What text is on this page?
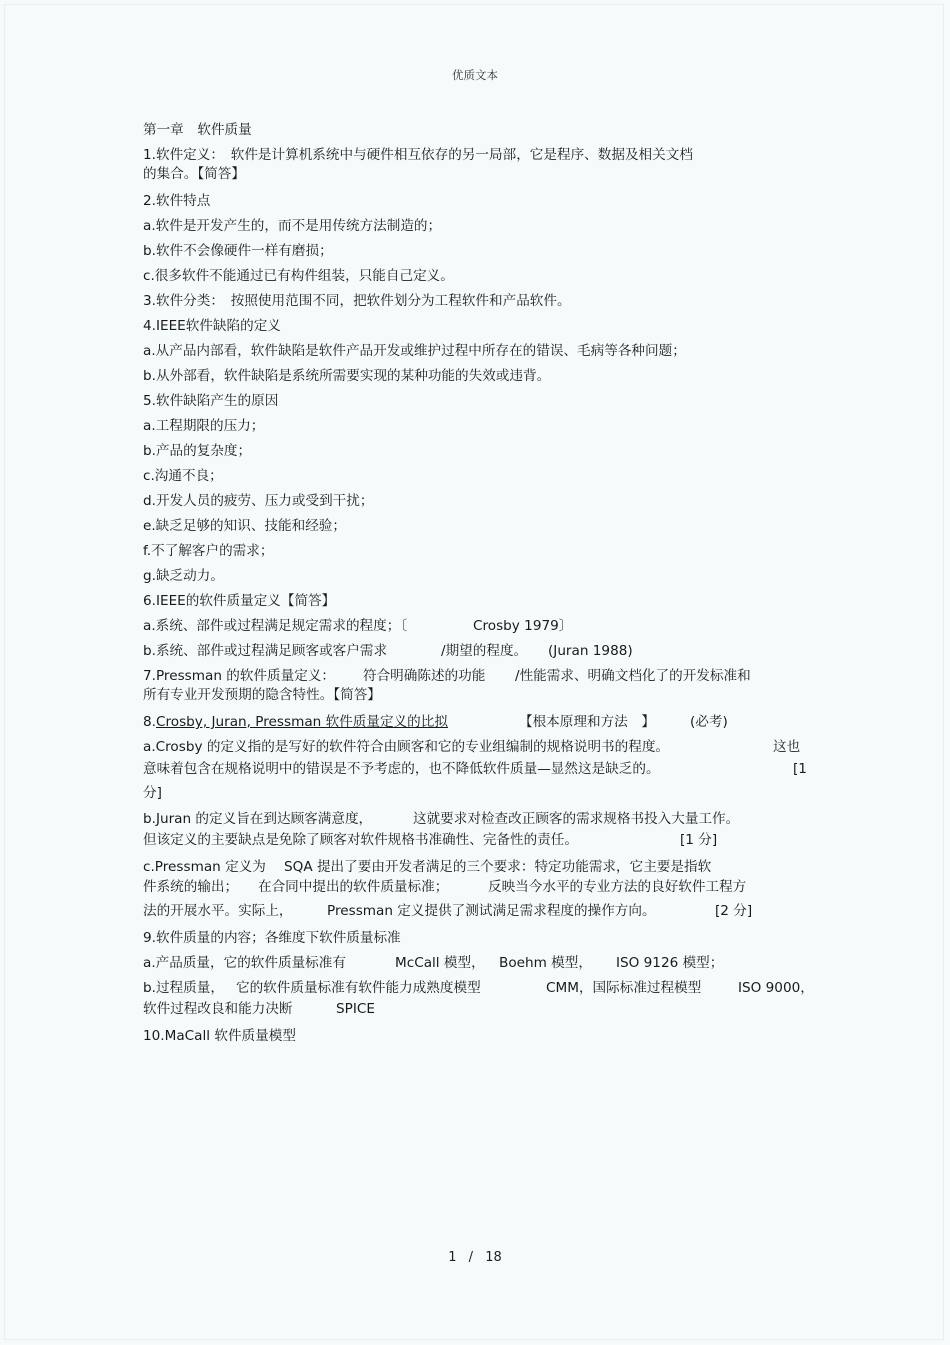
优质文本
第一章　软件质量
1.软件定义：　软件是计算机系统中与硬件相互依存的另一局部，它是程序、数据及相关文档
的集合。【简答】
2.软件特点
a.软件是开发产生的，而不是用传统方法制造的；
b.软件不会像硬件一样有磨损；
c.很多软件不能通过已有构件组装，只能自己定义。
3.软件分类：　按照使用范围不同，把软件划分为工程软件和产品软件。
4.IEEE软件缺陷的定义
a.从产品内部看，软件缺陷是软件产品开发或维护过程中所存在的错误、毛病等各种问题；
b.从外部看，软件缺陷是系统所需要实现的某种功能的失效或违背。
5.软件缺陷产生的原因
a.工程期限的压力；
b.产品的复杂度；
c.沟通不良；
d.开发人员的疲劳、压力或受到干扰；
e.缺乏足够的知识、技能和经验；
f.不了解客户的需求；
g.缺乏动力。
6.IEEE的软件质量定义【简答】
a.系统、部件或过程满足规定需求的程度；〔	Crosby 1979〕
b.系统、部件或过程满足顾客或客户需求	/期望的程度。 (Juran 1988)
7.Pressman 的软件质量定义： 符合明确陈述的功能 /性能需求、明确文档化了的开发标准和
所有专业开发预期的隐含特性。【简答】
8. Crosby, Juran, Pressman 软件质量定义的比拟	【根本原理和方法　】	(必考)
a.Crosby 的定义指的是写好的软件符合由顾客和它的专业组编制的规格说明书的程度。	这也
意味着包含在规格说明中的错误是不予考虑的，也不降低软件质量—显然这是缺乏的。	[1
分]
b.Juran 的定义旨在到达顾客满意度，	这就要求对检查改正顾客的需求规格书投入大量工作。
但该定义的主要缺点是免除了顾客对软件规格书准确性、完备性的责任。	[1 分]
c.Pressman 定义为 SQA 提出了要由开发者满足的三个要求：特定功能需求，它主要是指软
件系统的输出； 在合同中提出的软件质量标准；	反映当今水平的专业方法的良好软件工程方
法的开展水平。实际上，	Pressman 定义提供了测试满足需求程度的操作方向。	[2 分]
9.软件质量的内容；各维度下软件质量标准
a.产品质量，它的软件质量标准有	McCall 模型， Boehm 模型， ISO 9126 模型；
b.过程质量， 它的软件质量标准有软件能力成熟度模型	CMM，国际标准过程模型	ISO 9000，
软件过程改良和能力决断	SPICE
10.MaCall 软件质量模型
1 / 18
